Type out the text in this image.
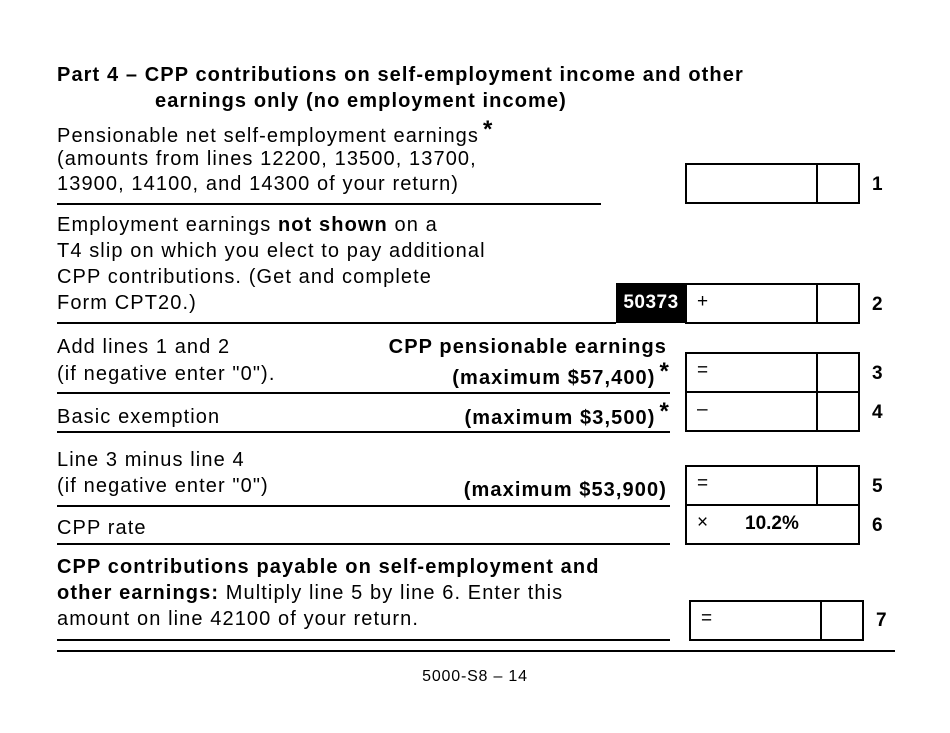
Part 4 – CPP contributions on self-employment income and other
earnings only (no employment income)
Pensionable net self-employment earnings *
(amounts from lines 12200, 13500, 13700,
13900, 14100, and 14300 of your return)	1
Employment earnings not shown on a
T4 slip on which you elect to pay additional
CPP contributions. (Get and complete
Form CPT20.)	50373 +	2
Add lines 1 and 2
(if negative enter "0").
CPP pensionable earnings
(maximum $57,400) * =	3
Basic exemption	(maximum $3,500) * –	4
Line 3 minus line 4
(if negative enter "0")	(maximum $53,900) =	5
CPP rate	× 10.2%	6
CPP contributions payable on self-employment and
other earnings: Multiply line 5 by line 6. Enter this
amount on line 42100 of your return.	=	7
5000-S8 – 14
